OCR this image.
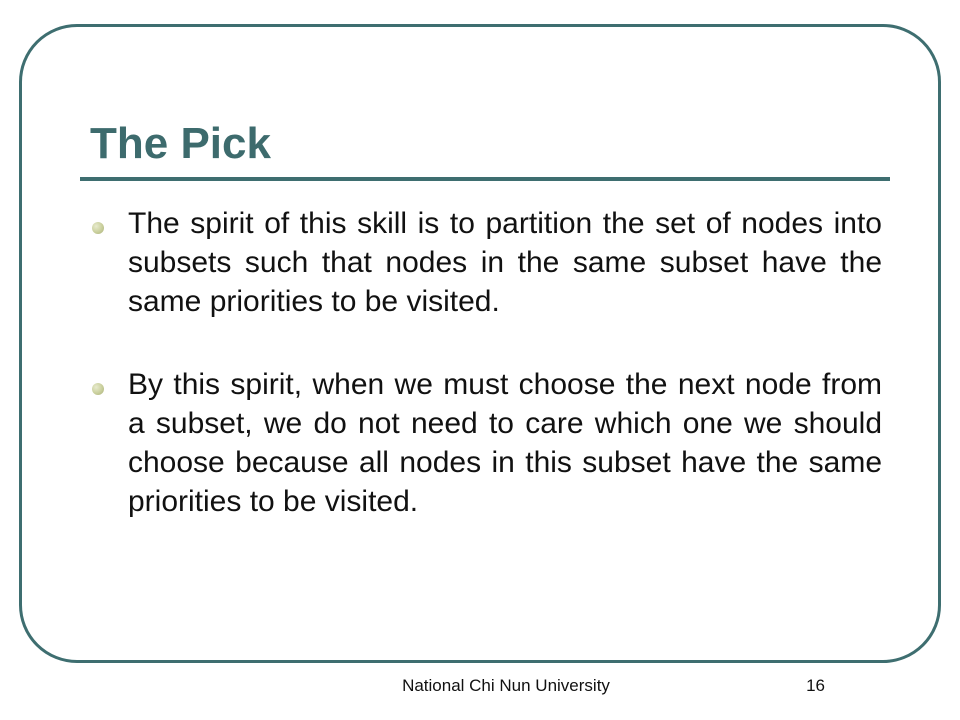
The Pick
The spirit of this skill is to partition the set of nodes into subsets such that nodes in the same subset have the same priorities to be visited.
By this spirit, when we must choose the next node from a subset, we do not need to care which one we should choose because all nodes in this subset have the same priorities to be visited.
National Chi Nun University	16
